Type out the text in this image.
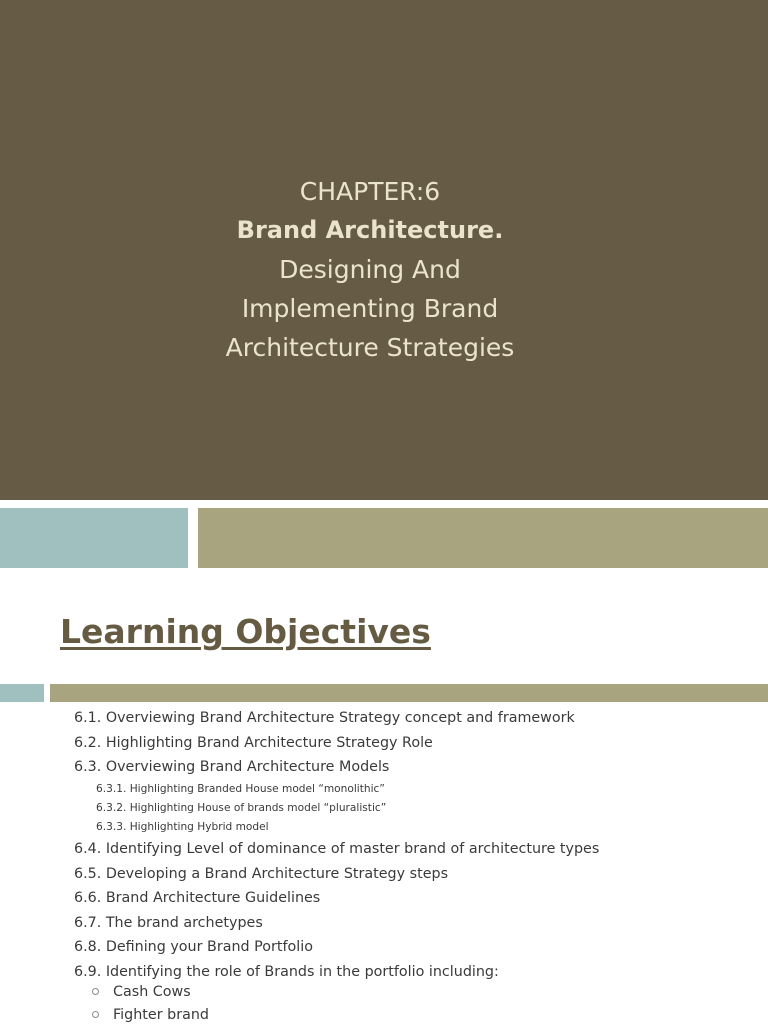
CHAPTER:6
Brand Architecture.
Designing And
Implementing Brand
Architecture Strategies
Learning Objectives
6.1. Overviewing Brand Architecture Strategy concept and framework
6.2. Highlighting Brand Architecture Strategy Role
6.3. Overviewing Brand Architecture Models
6.3.1. Highlighting Branded House model “monolithic”
6.3.2. Highlighting House of brands model “pluralistic”
6.3.3. Highlighting Hybrid model
6.4. Identifying Level of dominance of master brand of architecture types
6.5. Developing a Brand Architecture Strategy steps
6.6. Brand Architecture Guidelines
6.7. The brand archetypes
6.8. Defining your Brand Portfolio
6.9. Identifying the role of Brands in the portfolio including:
Cash Cows
Fighter brand
